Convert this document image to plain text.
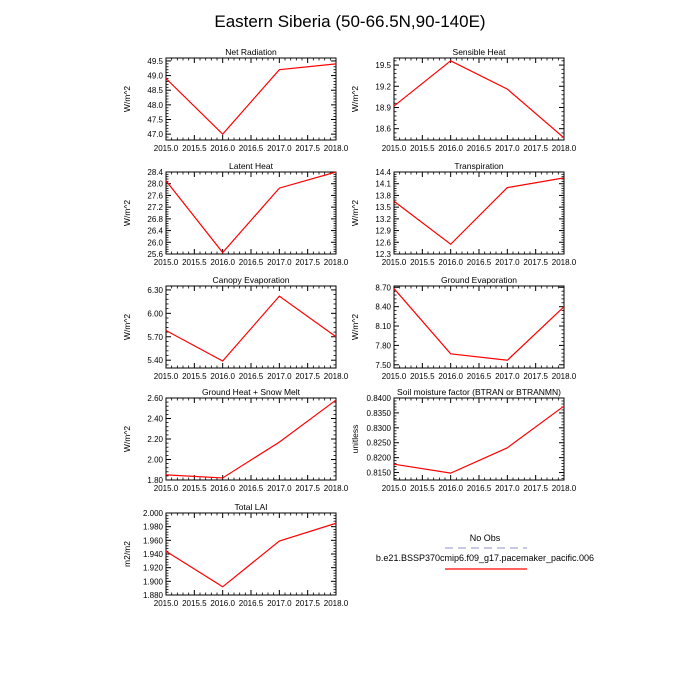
Eastern Siberia (50-66.5N,90-140E)
Net Radiation
W/m^2
2015.0 2015.5 2016.0 2016.5 2017.0 2017.5 2018.0
47.0
47.5
48.0
48.5
49.0
49.5
Sensible Heat
W/m^2
2015.0 2015.5 2016.0 2016.5 2017.0 2017.5 2018.0
18.6
18.9
19.2
19.5
Latent Heat
W/m^2
2015.0 2015.5 2016.0 2016.5 2017.0 2017.5 2018.0
25.6
26.0
26.4
26.8
27.2
27.6
28.0
28.4
Transpiration
W/m^2
2015.0 2015.5 2016.0 2016.5 2017.0 2017.5 2018.0
12.3
12.6
12.9
13.2
13.5
13.8
14.1
14.4
Canopy Evaporation
W/m^2
2015.0 2015.5 2016.0 2016.5 2017.0 2017.5 2018.0
5.40
5.70
6.00
6.30
Ground Evaporation
W/m^2
2015.0 2015.5 2016.0 2016.5 2017.0 2017.5 2018.0
7.50
7.80
8.10
8.40
8.70
Ground Heat + Snow Melt
W/m^2
2015.0 2015.5 2016.0 2016.5 2017.0 2017.5 2018.0
1.80
2.00
2.20
2.40
2.60
Soil moisture factor (BTRAN or BTRANMN)
unitless
2015.0 2015.5 2016.0 2016.5 2017.0 2017.5 2018.0
0.8150
0.8200
0.8250
0.8300
0.8350
0.8400
Total LAI
m2/m2
2015.0 2015.5 2016.0 2016.5 2017.0 2017.5 2018.0
1.880
1.900
1.920
1.940
1.960
1.980
2.000
No Obs
b.e21.BSSP370cmip6.f09_g17.pacemaker_pacific.006
